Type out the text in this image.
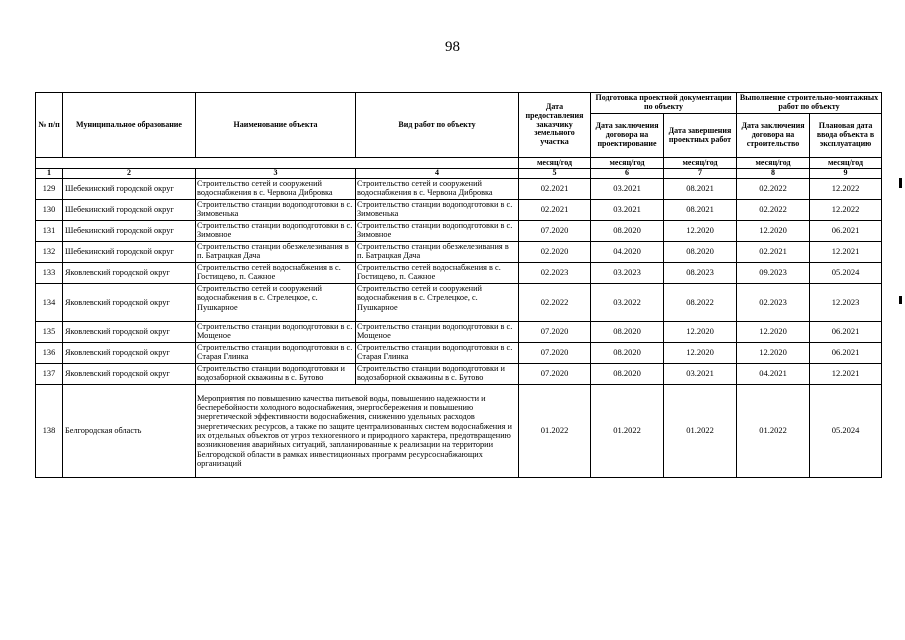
98
№ п/п	Муниципальное образование	Наименование объекта	Вид работ по объекту	Дата предоставления заказчику земельного участка	Подготовка проектной документации по объекту		Выполнение строительно-монтажных работ по объекту	
					Дата заключения договора на проектирование	Дата завершения проектных работ	Дата заключения договора на строительство	Плановая дата ввода объекта в эксплуатацию
				месяц/год	месяц/год	месяц/год	месяц/год	месяц/год
1	2	3	4	5	6	7	8	9
129	Шебекинский городской округ	Строительство сетей и сооружений водоснабжения в с. Червона Дибровка	Строительство сетей и сооружений водоснабжения в с. Червона Дибровка	02.2021	03.2021	08.2021	02.2022	12.2022
130	Шебекинский городской округ	Строительство станции водоподготовки в с. Зимовенька	Строительство станции водоподготовки в с. Зимовенька	02.2021	03.2021	08.2021	02.2022	12.2022
131	Шебекинский городской округ	Строительство станции водоподготовки в с. Зимовное	Строительство станции водоподготовки в с. Зимовное	07.2020	08.2020	12.2020	12.2020	06.2021
132	Шебекинский городской округ	Строительство станции обезжелезивания в п. Батрацкая Дача	Строительство станции обезжелезивания в п. Батрацкая Дача	02.2020	04.2020	08.2020	02.2021	12.2021
133	Яковлевский городской округ	Строительство сетей водоснабжения в с. Гостищево, п. Сажное	Строительство сетей водоснабжения в с. Гостищево, п. Сажное	02.2023	03.2023	08.2023	09.2023	05.2024
134	Яковлевский городской округ	Строительство сетей и сооружений водоснабжения в с. Стрелецкое, с. Пушкарное	Строительство сетей и сооружений водоснабжения в с. Стрелецкое, с. Пушкарное	02.2022	03.2022	08.2022	02.2023	12.2023
135	Яковлевский городской округ	Строительство станции водоподготовки в с. Мощеное	Строительство станции водоподготовки в с. Мощеное	07.2020	08.2020	12.2020	12.2020	06.2021
136	Яковлевский городской округ	Строительство станции водоподготовки в с. Старая Глинка	Строительство станции водоподготовки в с. Старая Глинка	07.2020	08.2020	12.2020	12.2020	06.2021
137	Яковлевский городской округ	Строительство станции водоподготовки и водозаборной скважины в с. Бутово	Строительство станции водоподготовки и водозаборной скважины в с. Бутово	07.2020	08.2020	03.2021	04.2021	12.2021
138	Белгородская область	Мероприятия по повышению качества питьевой воды, повышению надежности и бесперебойности холодного водоснабжения, энергосбережения и повышению энергетической эффективности водоснабжения, снижению удельных расходов энергетических ресурсов, а также по защите централизованных систем водоснабжения и их отдельных объектов от угроз техногенного и природного характера, предотвращению возникновения аварийных ситуаций, запланированные к реализации на территории Белгородской области в рамках инвестиционных программ ресурсоснабжающих организаций		01.2022	01.2022	01.2022	01.2022	05.2024
